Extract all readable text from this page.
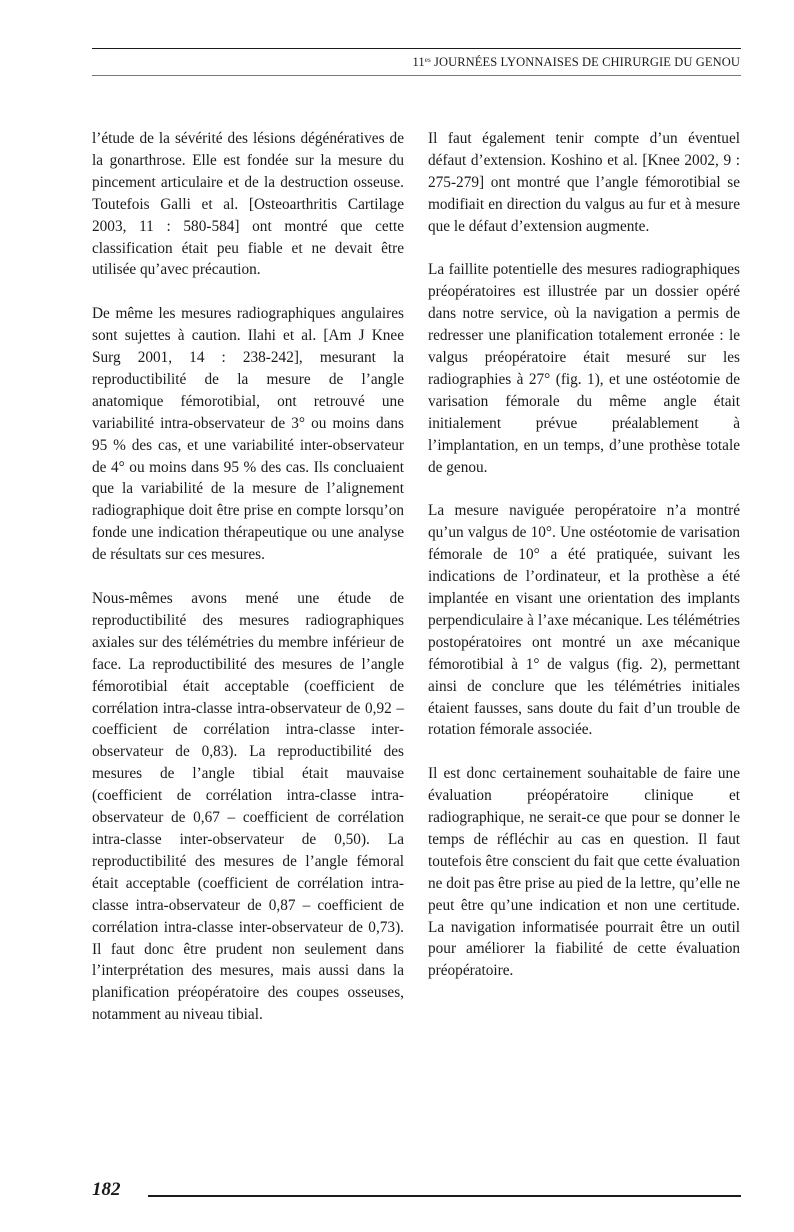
$11^{es}$ JOURNÉES LYONNAISES DE CHIRURGIE DU GENOU

l’étude de la sévérité des lésions dégénératives de la gonarthrose. Elle est fondée sur la mesure du pincement articulaire et de la destruction osseuse. Toutefois Galli et al. [Osteoarthritis Cartilage 2003, 11 : 580-584] ont montré que cette classification était peu fiable et ne devait être utilisée qu’avec précaution.

De même les mesures radiographiques angulaires sont sujettes à caution. Ilahi et al. [Am J Knee Surg 2001, 14 : 238-242], mesurant la reproductibilité de la mesure de l’angle anatomique fémorotibial, ont retrouvé une variabilité intra-observateur de 3° ou moins dans 95 % des cas, et une variabilité inter-observateur de 4° ou moins dans 95 % des cas. Ils concluaient que la variabilité de la mesure de l’alignement radiographique doit être prise en compte lorsqu’on fonde une indication thérapeutique ou une analyse de résultats sur ces mesures.

Nous-mêmes avons mené une étude de reproductibilité des mesures radiographiques axiales sur des télémétries du membre inférieur de face. La reproductibilité des mesures de l’angle fémorotibial était acceptable (coefficient de corrélation intra-classe intra-observateur de 0,92 – coefficient de corrélation intra-classe inter-observateur de 0,83). La reproductibilité des mesures de l’angle tibial était mauvaise (coefficient de corrélation intra-classe intra-observateur de 0,67 – coefficient de corrélation intra-classe inter-observateur de 0,50). La reproductibilité des mesures de l’angle fémoral était acceptable (coefficient de corrélation intra-classe intra-observateur de 0,87 – coefficient de corrélation intra-classe inter-observateur de 0,73). Il faut donc être prudent non seulement dans l’interprétation des mesures, mais aussi dans la planification préopératoire des coupes osseuses, notamment au niveau tibial.

Il faut également tenir compte d’un éventuel défaut d’extension. Koshino et al. [Knee 2002, 9 : 275-279] ont montré que l’angle fémorotibial se modifiait en direction du valgus au fur et à mesure que le défaut d’extension augmente.

La faillite potentielle des mesures radiographiques préopératoires est illustrée par un dossier opéré dans notre service, où la navigation a permis de redresser une planification totalement erronée : le valgus préopératoire était mesuré sur les radiographies à 27° (fig. 1), et une ostéotomie de varisation fémorale du même angle était initialement prévue préalablement à l’implantation, en un temps, d’une prothèse totale de genou.

La mesure naviguée peropératoire n’a montré qu’un valgus de 10°. Une ostéotomie de varisation fémorale de 10° a été pratiquée, suivant les indications de l’ordinateur, et la prothèse a été implantée en visant une orientation des implants perpendiculaire à l’axe mécanique. Les télémétries postopératoires ont montré un axe mécanique fémorotibial à 1° de valgus (fig. 2), permettant ainsi de conclure que les télémétries initiales étaient fausses, sans doute du fait d’un trouble de rotation fémorale associée.

Il est donc certainement souhaitable de faire une évaluation préopératoire clinique et radiographique, ne serait-ce que pour se donner le temps de réfléchir au cas en question. Il faut toutefois être conscient du fait que cette évaluation ne doit pas être prise au pied de la lettre, qu’elle ne peut être qu’une indication et non une certitude. La navigation informatisée pourrait être un outil pour améliorer la fiabilité de cette évaluation préopératoire.

182
